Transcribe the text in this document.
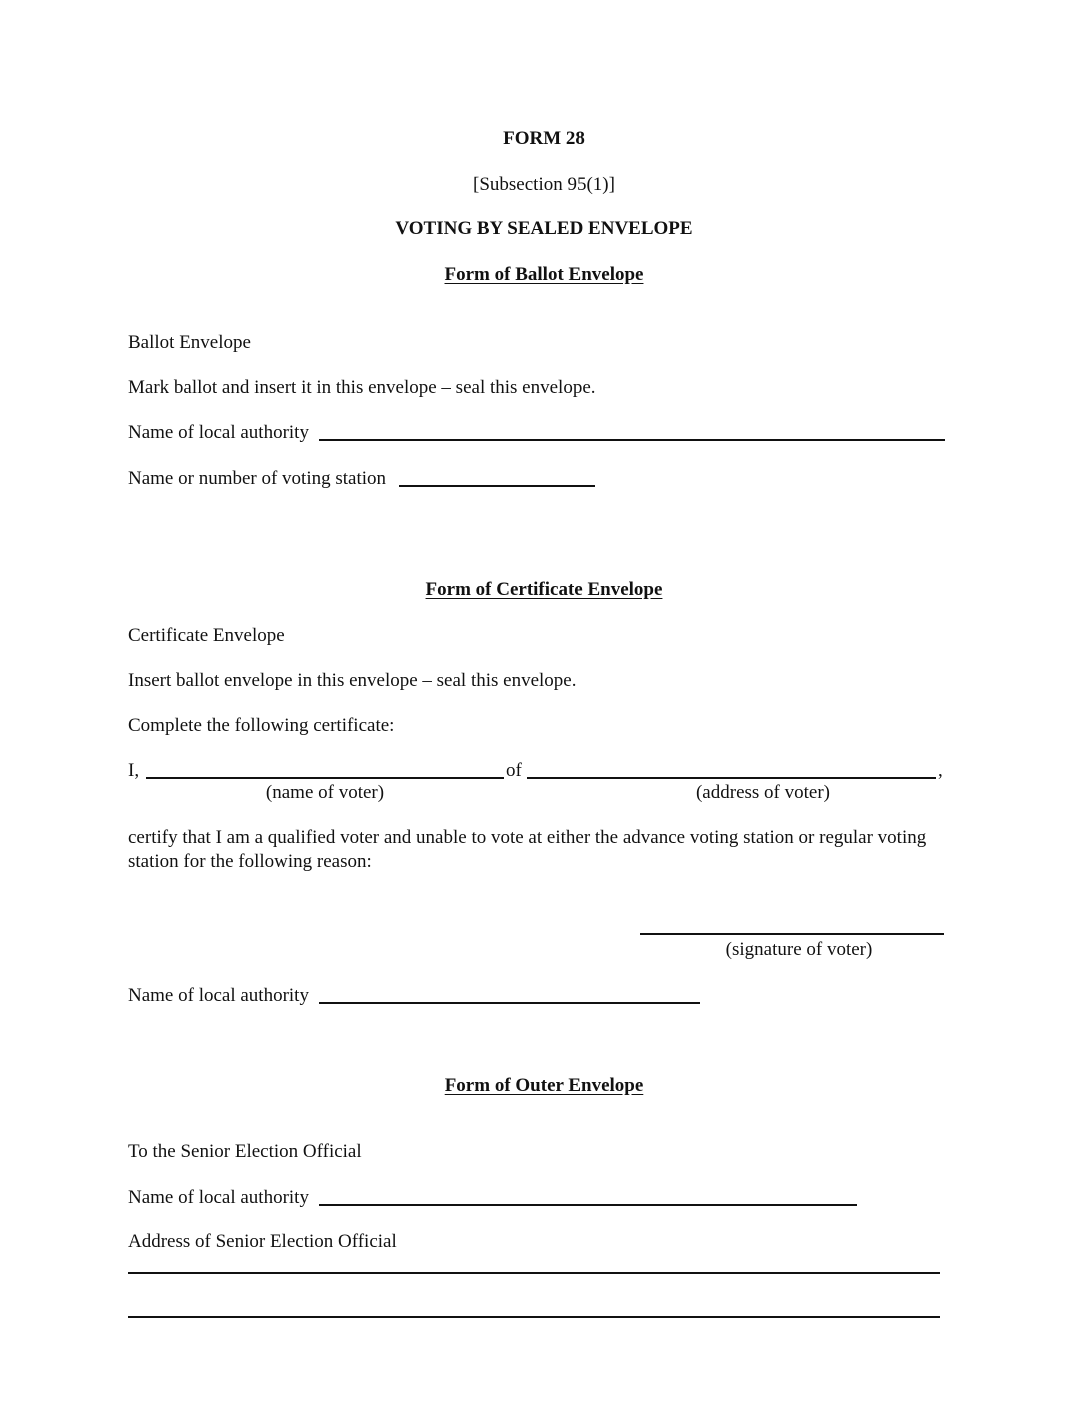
FORM 28
[Subsection 95(1)]
VOTING BY SEALED ENVELOPE
Form of Ballot Envelope
Ballot Envelope
Mark ballot and insert it in this envelope – seal this envelope.
Name of local authority
Name or number of voting station
Form of Certificate Envelope
Certificate Envelope
Insert ballot envelope in this envelope – seal this envelope.
Complete the following certificate:
I,	of	,
(name of voter)	(address of voter)
certify that I am a qualified voter and unable to vote at either the advance voting station or regular voting station for the following reason:
(signature of voter)
Name of local authority
Form of Outer Envelope
To the Senior Election Official
Name of local authority
Address of Senior Election Official
